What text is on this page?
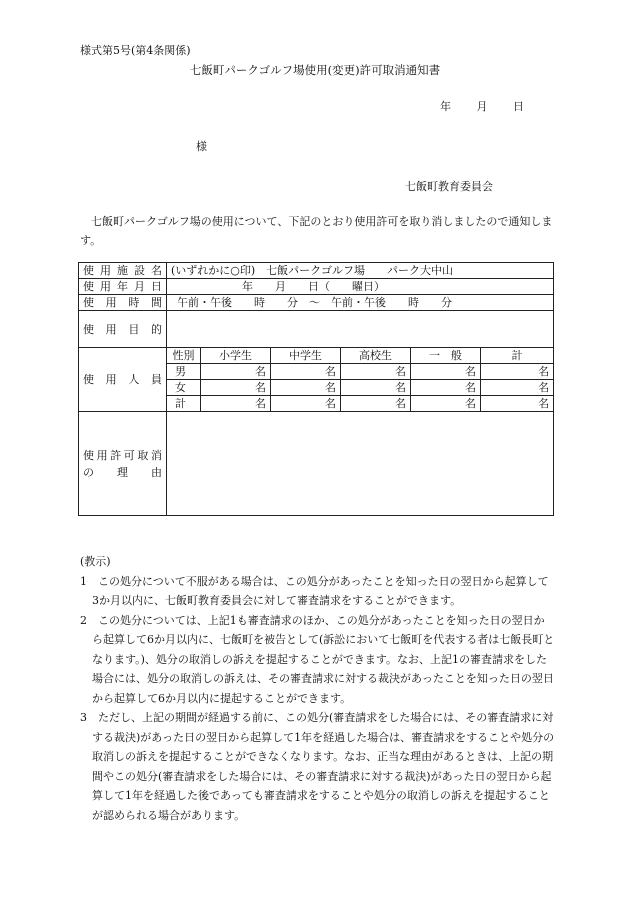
様式第5号(第4条関係)
七飯町パークゴルフ場使用(変更)許可取消通知書
年 月 日
様
七飯町教育委員会
七飯町パークゴルフ場の使用について、下記のとおり使用許可を取り消しましたので通知します。
使用施設名	(いずれかに○印)　七飯パークゴルフ場　　パーク大中山					
使用年月日	年　　月　　日（　　曜日）					
使用時間	午前・午後　　時　　分　～　午前・午後　　時　　分					
使用目的						
使用人員	性別	小学生	中学生	高校生	一　般	計
	男	名	名	名	名	名
	女	名	名	名	名	名
	計	名	名	名	名	名

使用許可取消
の　理　由						

(教示)
1　この処分について不服がある場合は、この処分があったことを知った日の翌日から起算して3か月以内に、七飯町教育委員会に対して審査請求をすることができます。
2　この処分については、上記1も審査請求のほか、この処分があったことを知った日の翌日から起算して6か月以内に、七飯町を被告として(訴訟において七飯町を代表する者は七飯長町となります。)、処分の取消しの訴えを提起することができます。なお、上記1の審査請求をした場合には、処分の取消しの訴えは、その審査請求に対する裁決があったことを知った日の翌日から起算して6か月以内に提起することができます。
3　ただし、上記の期間が経過する前に、この処分(審査請求をした場合には、その審査請求に対する裁決)があった日の翌日から起算して1年を経過した場合は、審査請求をすることや処分の取消しの訴えを提起することができなくなります。なお、正当な理由があるときは、上記の期間やこの処分(審査請求をした場合には、その審査請求に対する裁決)があった日の翌日から起算して1年を経過した後であっても審査請求をすることや処分の取消しの訴えを提起することが認められる場合があります。
